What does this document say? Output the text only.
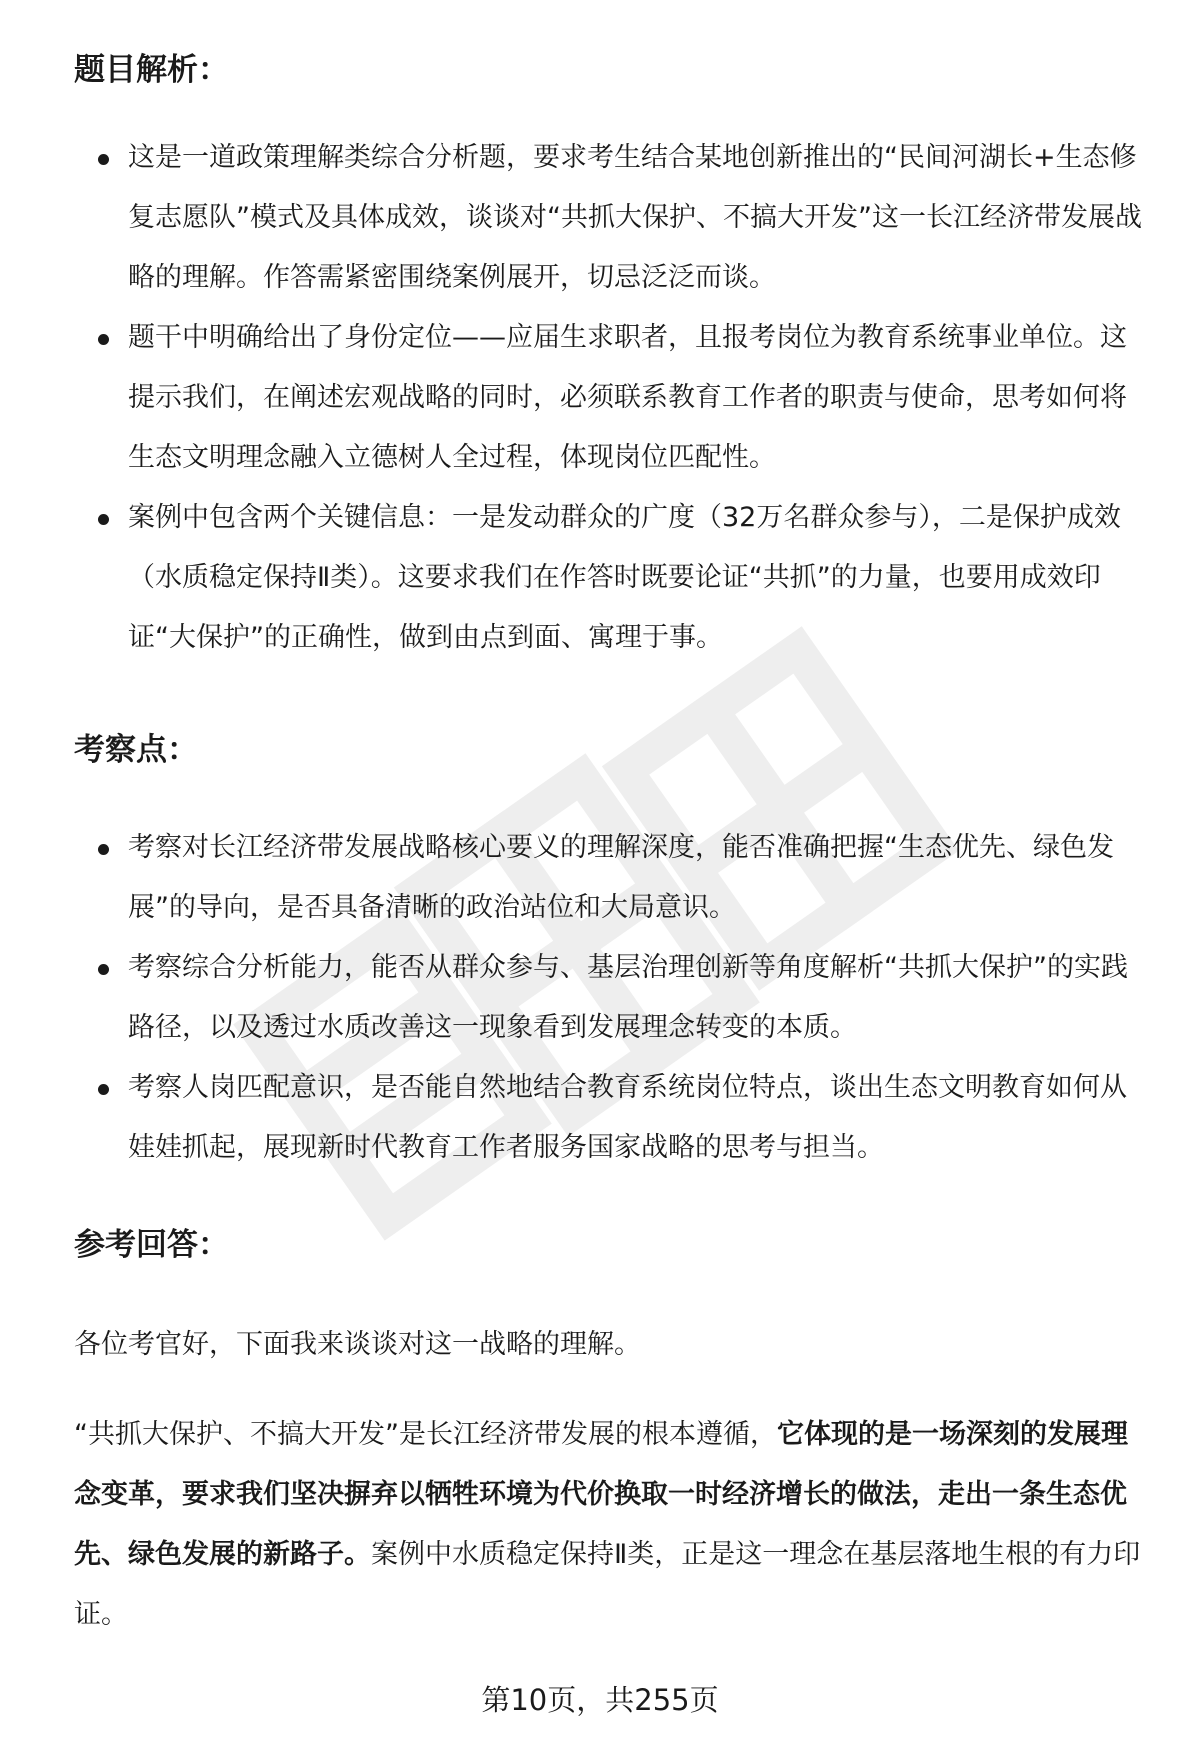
题目解析：
这是一道政策理解类综合分析题，要求考生结合某地创新推出的“民间河湖长+生态修复志愿队”模式及具体成效，谈谈对“共抓大保护、不搞大开发”这一长江经济带发展战略的理解。作答需紧密围绕案例展开，切忌泛泛而谈。
题干中明确给出了身份定位——应届生求职者，且报考岗位为教育系统事业单位。这提示我们，在阐述宏观战略的同时，必须联系教育工作者的职责与使命，思考如何将生态文明理念融入立德树人全过程，体现岗位匹配性。
案例中包含两个关键信息：一是发动群众的广度（32万名群众参与），二是保护成效（水质稳定保持Ⅱ类）。这要求我们在作答时既要论证“共抓”的力量，也要用成效印证“大保护”的正确性，做到由点到面、寓理于事。
考察点：
考察对长江经济带发展战略核心要义的理解深度，能否准确把握“生态优先、绿色发展”的导向，是否具备清晰的政治站位和大局意识。
考察综合分析能力，能否从群众参与、基层治理创新等角度解析“共抓大保护”的实践路径，以及透过水质改善这一现象看到发展理念转变的本质。
考察人岗匹配意识，是否能自然地结合教育系统岗位特点，谈出生态文明教育如何从娃娃抓起，展现新时代教育工作者服务国家战略的思考与担当。
参考回答：

各位考官好，下面我来谈谈对这一战略的理解。

“共抓大保护、不搞大开发”是长江经济带发展的根本遵循，它体现的是一场深刻的发展理念变革，要求我们坚决摒弃以牺牲环境为代价换取一时经济增长的做法，走出一条生态优先、绿色发展的新路子。案例中水质稳定保持Ⅱ类，正是这一理念在基层落地生根的有力印证。

第10页，共255页
